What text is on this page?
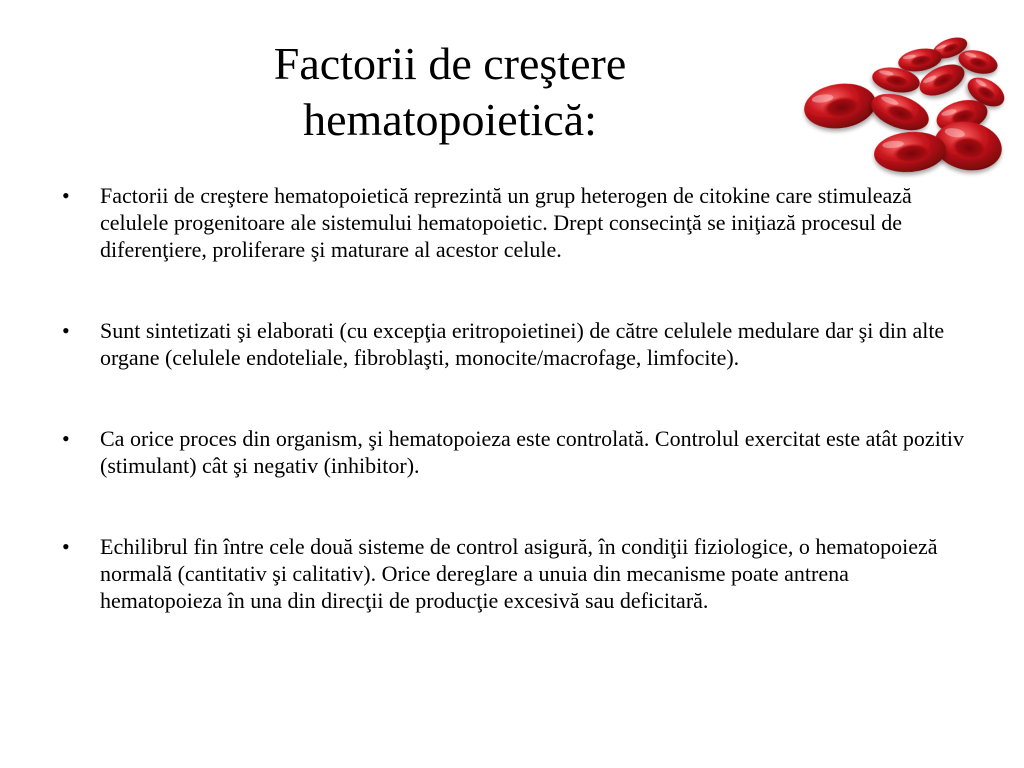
Factorii de creştere
hematopoietică:
• Factorii de creştere hematopoietică reprezintă un grup heterogen de citokine care stimulează celulele progenitoare ale sistemului hematopoietic. Drept consecinţă se iniţiază procesul de diferenţiere, proliferare şi maturare al acestor celule.
• Sunt sintetizati şi elaborati (cu excepţia eritropoietinei) de către celulele medulare dar şi din alte organe (celulele endoteliale, fibroblaşti, monocite/macrofage, limfocite).
• Ca orice proces din organism, şi hematopoieza este controlată. Controlul exercitat este atât pozitiv (stimulant) cât şi negativ (inhibitor).
• Echilibrul fin între cele două sisteme de control asigură, în condiţii fiziologice, o hematopoieză normală (cantitativ şi calitativ). Orice dereglare a unuia din mecanisme poate antrena hematopoieza în una din direcţii de producţie excesivă sau deficitară.
